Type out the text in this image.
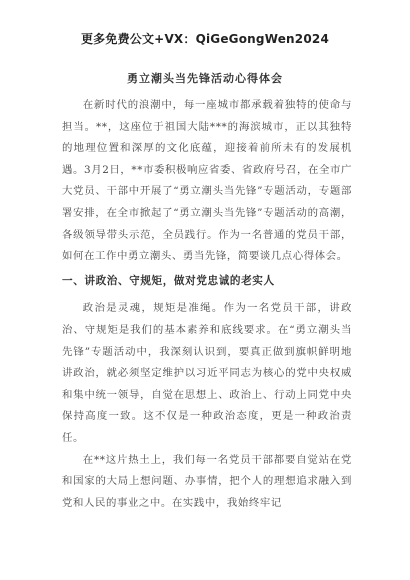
更多免费公文+VX：QiGeGongWen2024
勇立潮头当先锋活动心得体会

在新时代的浪潮中，每一座城市都承载着独特的使命与担当。**，这座位于祖国大陆***的海滨城市，正以其独特的地理位置和深厚的文化底蕴，迎接着前所未有的发展机遇。3月2日，**市委积极响应省委、省政府号召，在全市广大党员、干部中开展了“勇立潮头当先锋”专题活动，专题部署安排，在全市掀起了“勇立潮头当先锋”专题活动的高潮，各级领导带头示范，全员践行。作为一名普通的党员干部，如何在工作中勇立潮头、勇当先锋，简要谈几点心得体会。

一、讲政治、守规矩，做对党忠诚的老实人

政治是灵魂，规矩是准绳。作为一名党员干部，讲政治、守规矩是我们的基本素养和底线要求。在“勇立潮头当先锋”专题活动中，我深刻认识到，要真正做到旗帜鲜明地讲政治，就必须坚定维护以习近平同志为核心的党中央权威和集中统一领导，自觉在思想上、政治上、行动上同党中央保持高度一致。这不仅是一种政治态度，更是一种政治责任。

在**这片热土上，我们每一名党员干部都要自觉站在党和国家的大局上想问题、办事情，把个人的理想追求融入到党和人民的事业之中。在实践中，我始终牢记
